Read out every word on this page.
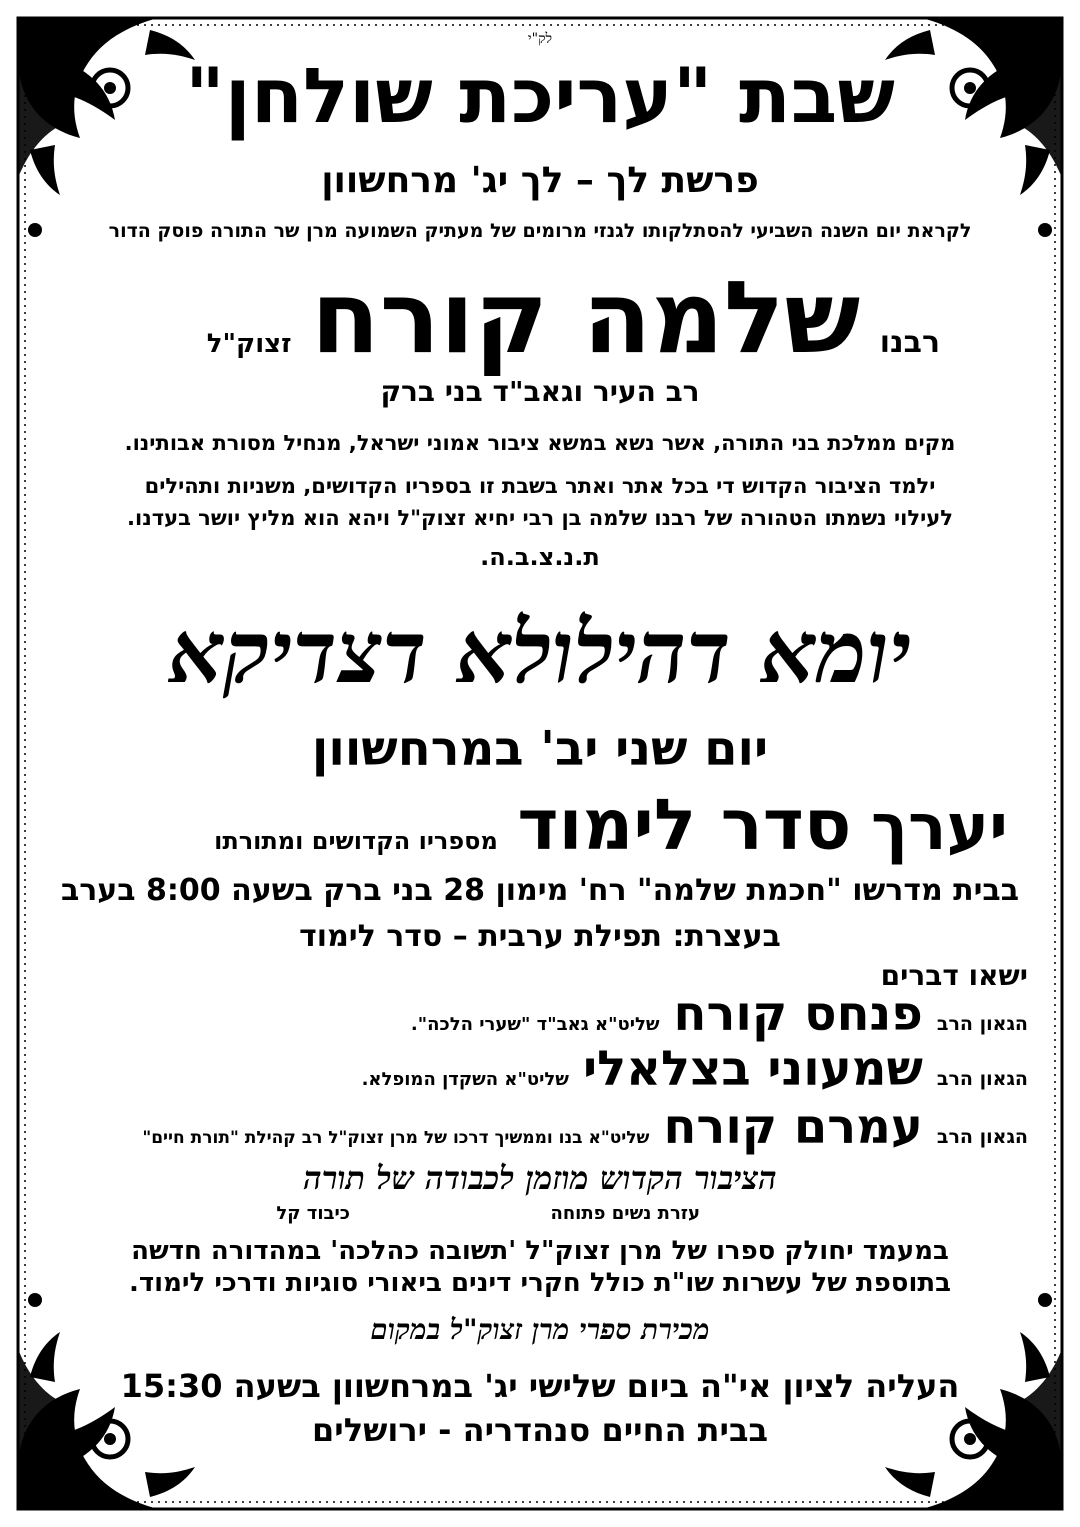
לק"י
שבת "עריכת שולחן"
פרשת לך – לך יג' מרחשוון
לקראת יום השנה השביעי להסתלקותו לגנזי מרומים של מעתיק השמועה מרן שר התורה פוסק הדור
רבנו שלמה קורח זצוק"ל
רב העיר וגאב"ד בני ברק
מקים ממלכת בני התורה, אשר נשא במשא ציבור אמוני ישראל, מנחיל מסורת אבותינו.
ילמד הציבור הקדוש די בכל אתר ואתר בשבת זו בספריו הקדושים, משניות ותהילים
לעילוי נשמתו הטהורה של רבנו שלמה בן רבי יחיא זצוק"ל ויהא הוא מליץ יושר בעדנו.
ת.נ.צ.ב.ה.
יומא דהילולא דצדיקא
יום שני יב' במרחשוון
יערך סדר לימוד מספריו הקדושים ומתורתו
בבית מדרשו "חכמת שלמה" רח' מימון 28 בני ברק בשעה 8:00 בערב
בעצרת: תפילת ערבית – סדר לימוד
ישאו דברים
הגאון הרב פנחס קורח שליט"א גאב"ד "שערי הלכה".
הגאון הרב שמעוני בצלאלי שליט"א השקדן המופלא.
הגאון הרב עמרם קורח שליט"א בנו וממשיך דרכו של מרן זצוק"ל רב קהילת "תורת חיים"
הציבור הקדוש מוזמן לכבודה של תורה
עזרת נשים פתוחה
כיבוד קל
במעמד יחולק ספרו של מרן זצוק"ל 'תשובה כהלכה' במהדורה חדשה
בתוספת של עשרות שו"ת כולל חקרי דינים ביאורי סוגיות ודרכי לימוד.
מכירת ספרי מרן זצוק"ל במקום
העליה לציון אי"ה ביום שלישי יג' במרחשוון בשעה 15:30
בבית החיים סנהדריה - ירושלים
